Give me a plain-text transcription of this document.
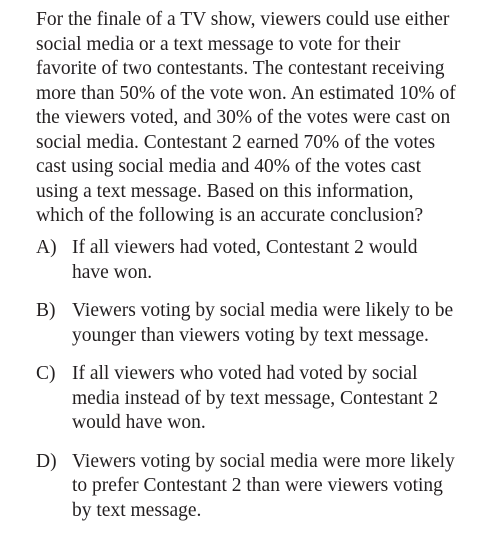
For the finale of a TV show, viewers could use either
social media or a text message to vote for their
favorite of two contestants. The contestant receiving
more than 50% of the vote won. An estimated 10% of
the viewers voted, and 30% of the votes were cast on
social media. Contestant 2 earned 70% of the votes
cast using social media and 40% of the votes cast
using a text message. Based on this information,
which of the following is an accurate conclusion?
A) If all viewers had voted, Contestant 2 would
have won.
B) Viewers voting by social media were likely to be
younger than viewers voting by text message.
C) If all viewers who voted had voted by social
media instead of by text message, Contestant 2
would have won.
D) Viewers voting by social media were more likely
to prefer Contestant 2 than were viewers voting
by text message.
